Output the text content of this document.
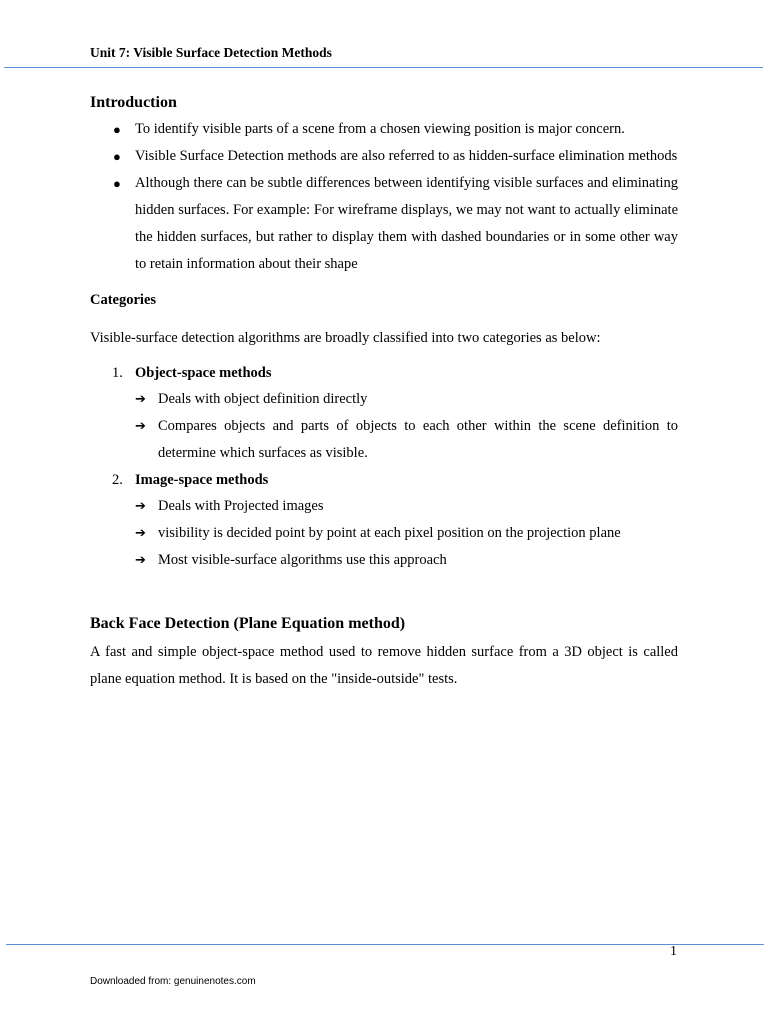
Unit 7: Visible Surface Detection Methods
Introduction
● To identify visible parts of a scene from a chosen viewing position is major concern.
● Visible Surface Detection methods are also referred to as hidden-surface elimination methods
● Although there can be subtle differences between identifying visible surfaces and eliminating hidden surfaces. For example: For wireframe displays, we may not want to actually eliminate the hidden surfaces, but rather to display them with dashed boundaries or in some other way to retain information about their shape
Categories
Visible-surface detection algorithms are broadly classified into two categories as below:
1. Object-space methods
➔ Deals with object definition directly
➔ Compares objects and parts of objects to each other within the scene definition to determine which surfaces as visible.
2. Image-space methods
➔ Deals with Projected images
➔ visibility is decided point by point at each pixel position on the projection plane
➔ Most visible-surface algorithms use this approach
Back Face Detection (Plane Equation method)
A fast and simple object-space method used to remove hidden surface from a 3D object is called plane equation method. It is based on the "inside-outside" tests.
1
Downloaded from: genuinenotes.com
